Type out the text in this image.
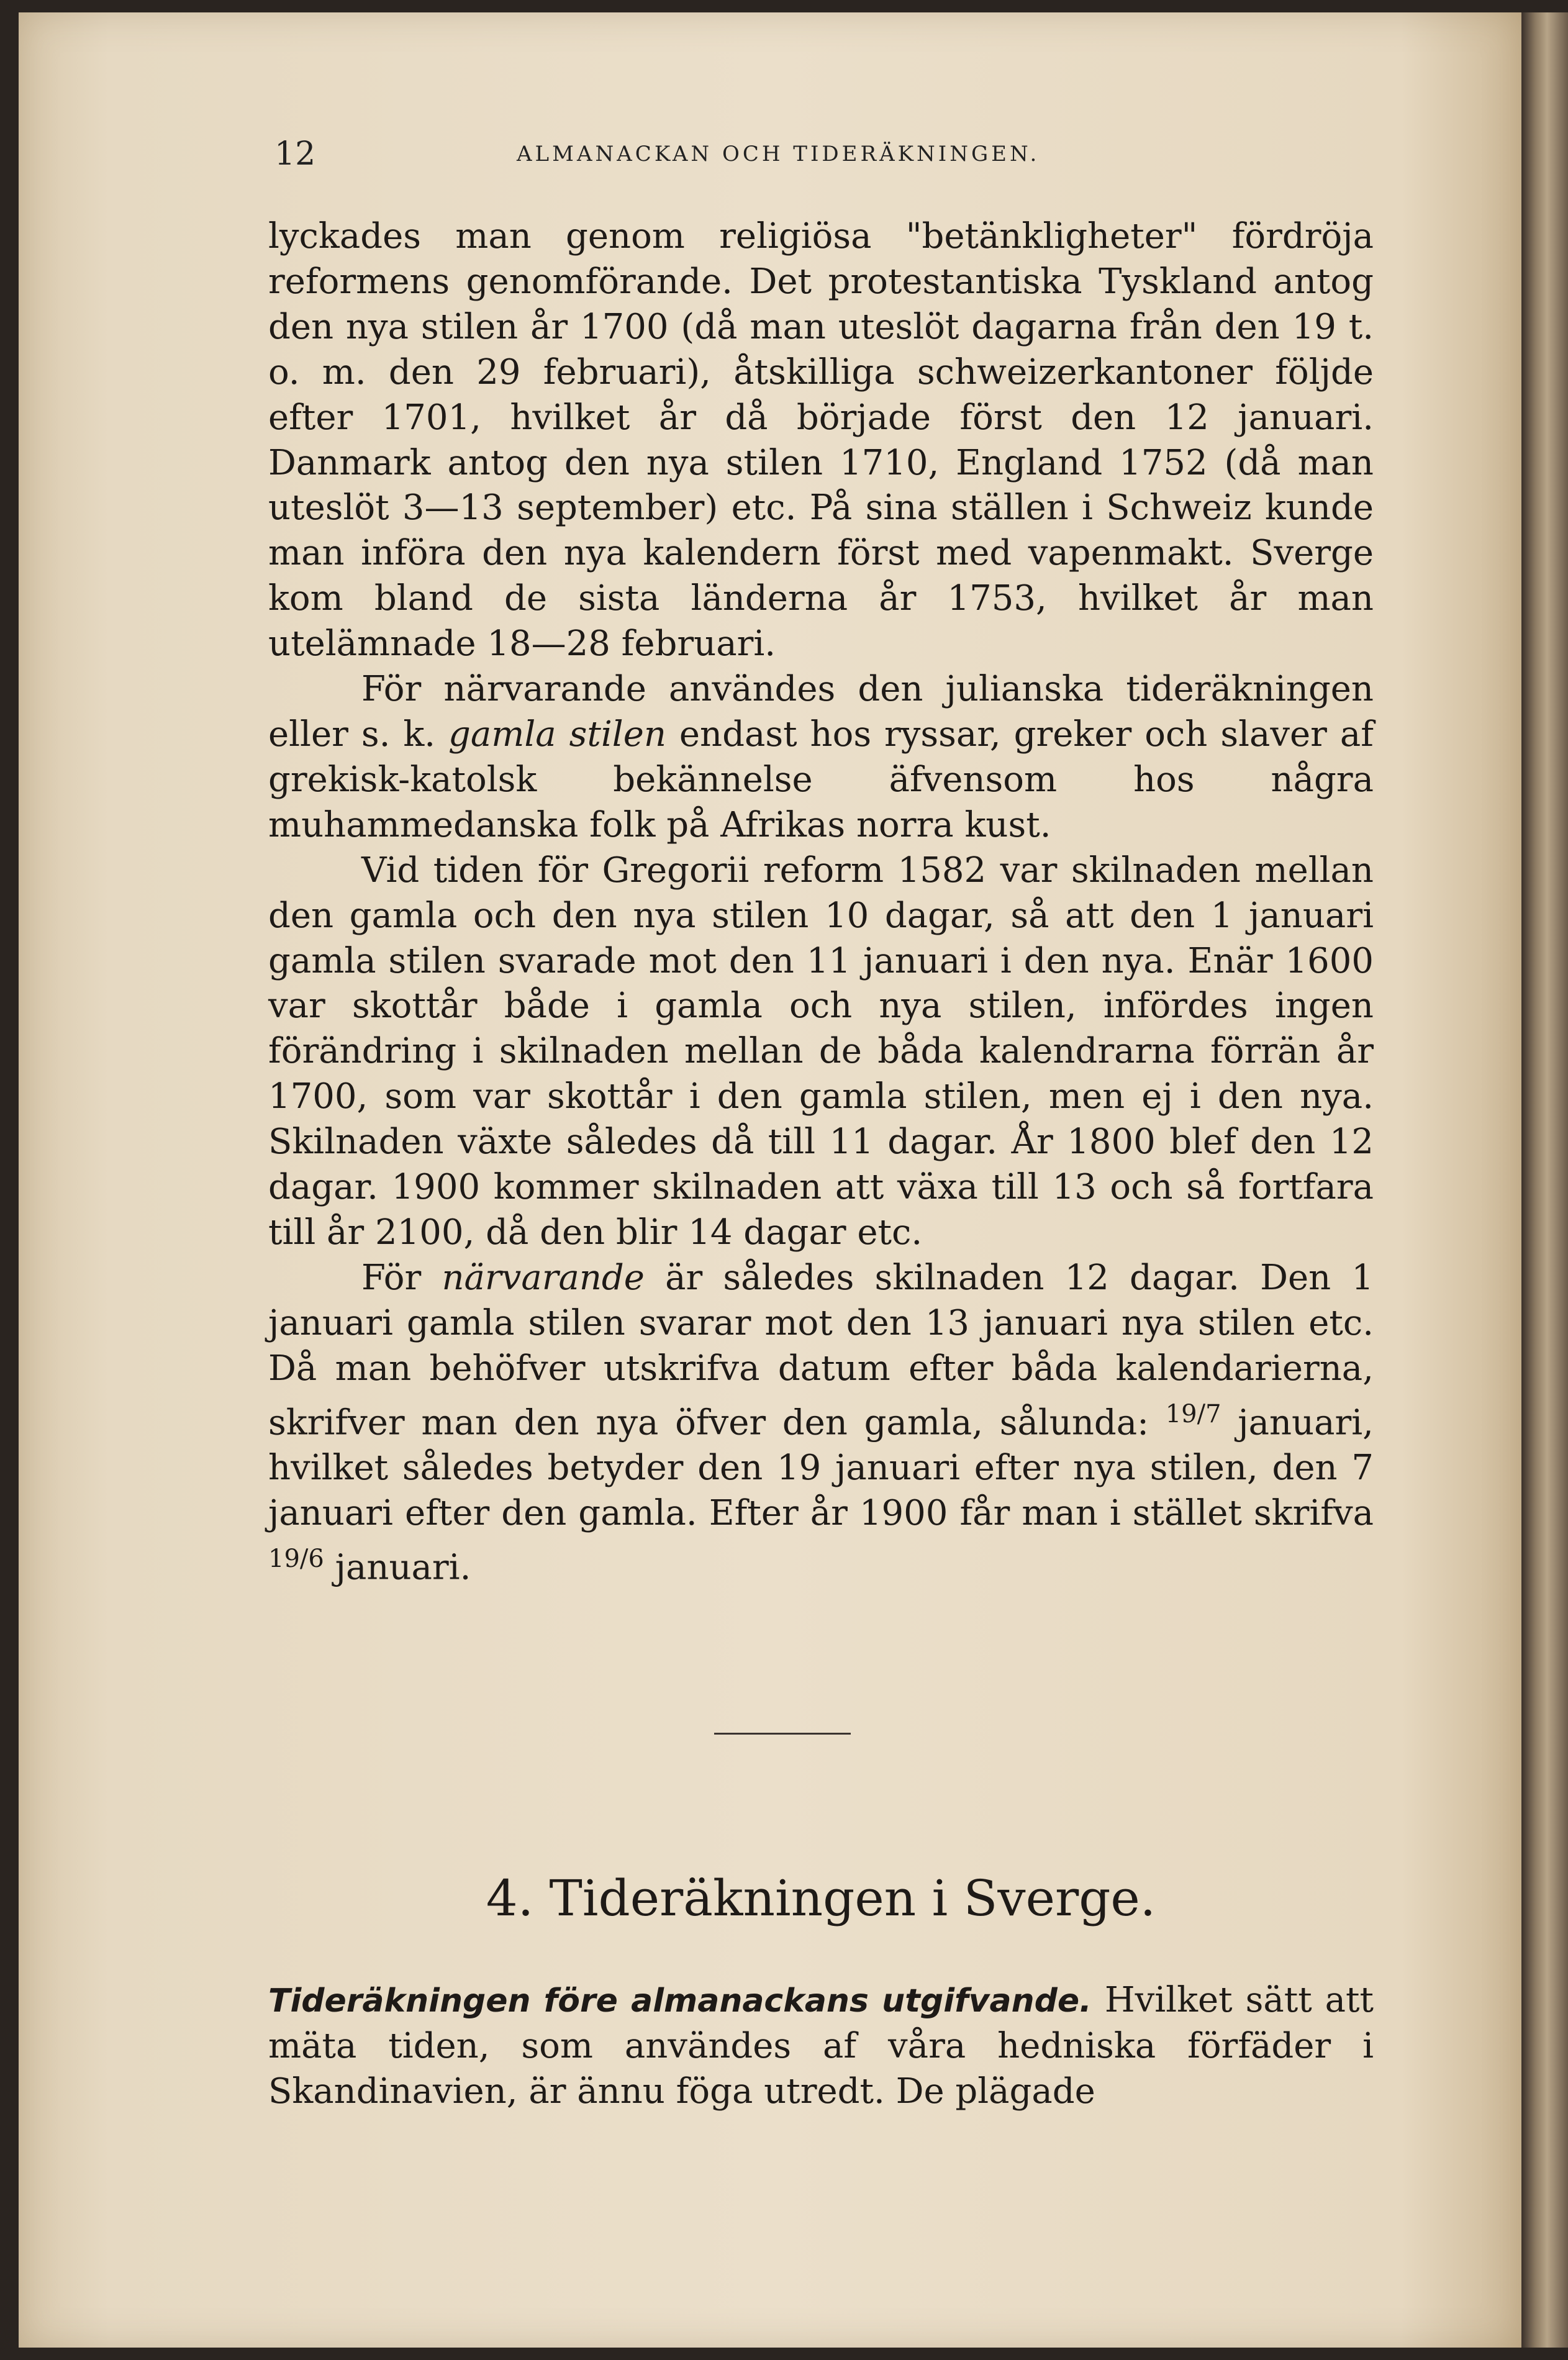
12	ALMANACKAN OCH TIDERÄKNINGEN.

lyckades man genom religiösa "betänkligheter" fördröja reformens genomförande. Det protestantiska Tyskland antog den nya stilen år 1700 (då man uteslöt dagarna från den 19 t. o. m. den 29 februari), åtskilliga schweizerkantoner följde efter 1701, hvilket år då började först den 12 januari. Danmark antog den nya stilen 1710, England 1752 (då man uteslöt 3—13 september) etc. På sina ställen i Schweiz kunde man införa den nya kalendern först med vapenmakt. Sverge kom bland de sista länderna år 1753, hvilket år man utelämnade 18—28 februari.

För närvarande användes den julianska tideräkningen eller s. k. gamla stilen endast hos ryssar, greker och slaver af grekisk-katolsk bekännelse äfvensom hos några muhammedanska folk på Afrikas norra kust.

Vid tiden för Gregorii reform 1582 var skilnaden mellan den gamla och den nya stilen 10 dagar, så att den 1 januari gamla stilen svarade mot den 11 januari i den nya. Enär 1600 var skottår både i gamla och nya stilen, infördes ingen förändring i skilnaden mellan de båda kalendrarna förrän år 1700, som var skottår i den gamla stilen, men ej i den nya. Skilnaden växte således då till 11 dagar. År 1800 blef den 12 dagar. 1900 kommer skilnaden att växa till 13 och så fortfara till år 2100, då den blir 14 dagar etc.

För närvarande är således skilnaden 12 dagar. Den 1 januari gamla stilen svarar mot den 13 januari nya stilen etc. Då man behöfver utskrifva datum efter båda kalendarierna, skrifver man den nya öfver den gamla, sålunda: $^{19/7}$ januari, hvilket således betyder den 19 januari efter nya stilen, den 7 januari efter den gamla. Efter år 1900 får man i stället skrifva $^{19/6}$ januari.

4. Tideräkningen i Sverge.

Tideräkningen före almanackans utgifvande. Hvilket sätt att mäta tiden, som användes af våra hedniska förfäder i Skandinavien, är ännu föga utredt. De plägade
